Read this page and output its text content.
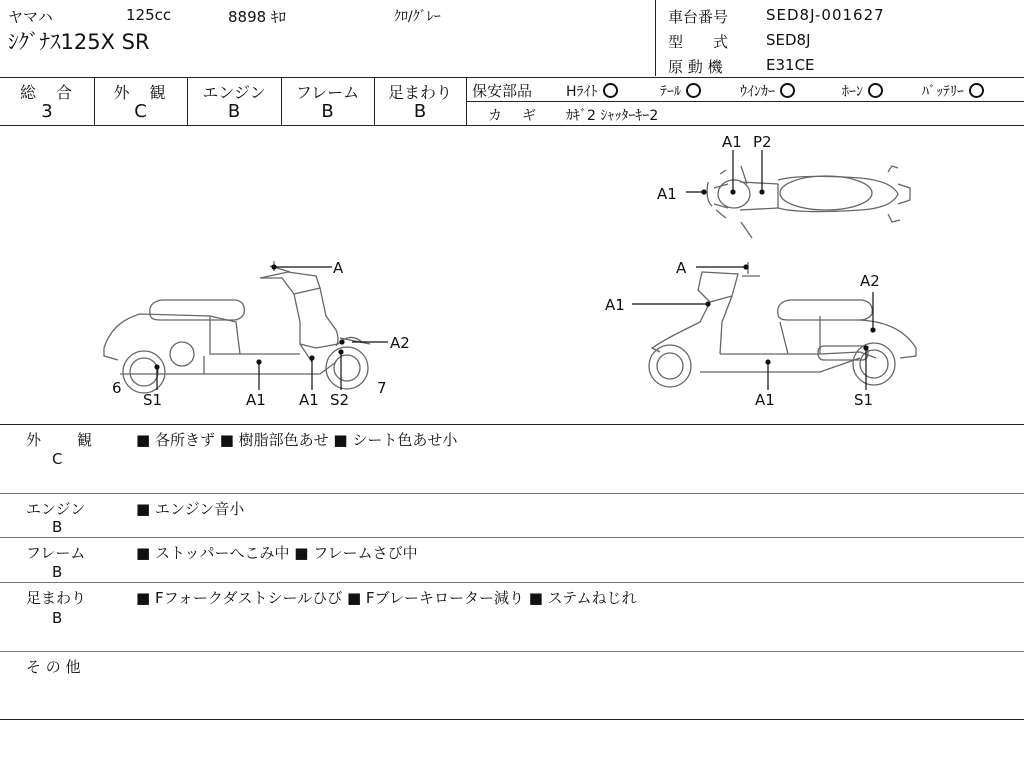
ヤマハ	125cc	8898 ｷﾛ	ｸﾛ/ｸﾞﾚｰ
ｼｸﾞﾅｽ125X SR
車台番号	SED8J-001627
型　　式	SED8J
原 動 機	E31CE
総　合
3
外　観
C
エンジン
B
フレーム
B
足まわり
B
保安部品 Hﾗｲﾄ	ﾃｰﾙ	ｳｲﾝｶｰ	ﾎｰﾝ	ﾊﾞｯﾃﾘｰ
カ　ギ ｶｷﾞ2 ｼｬｯﾀｰｷｰ2
A1 P2
A1
A
A2
6	7
S1	A1 A1 S2
A
A1
A2
A1	S1
外　　観
C
■ 各所きず ■ 樹脂部色あせ ■ シート色あせ小
エンジン
B
■ エンジン音小
フレーム
B
■ ストッパーへこみ中 ■ フレームさび中
足まわり
B
■ Fフォークダストシールひび ■ Fブレーキローター減り ■ ステムねじれ
そ の 他
